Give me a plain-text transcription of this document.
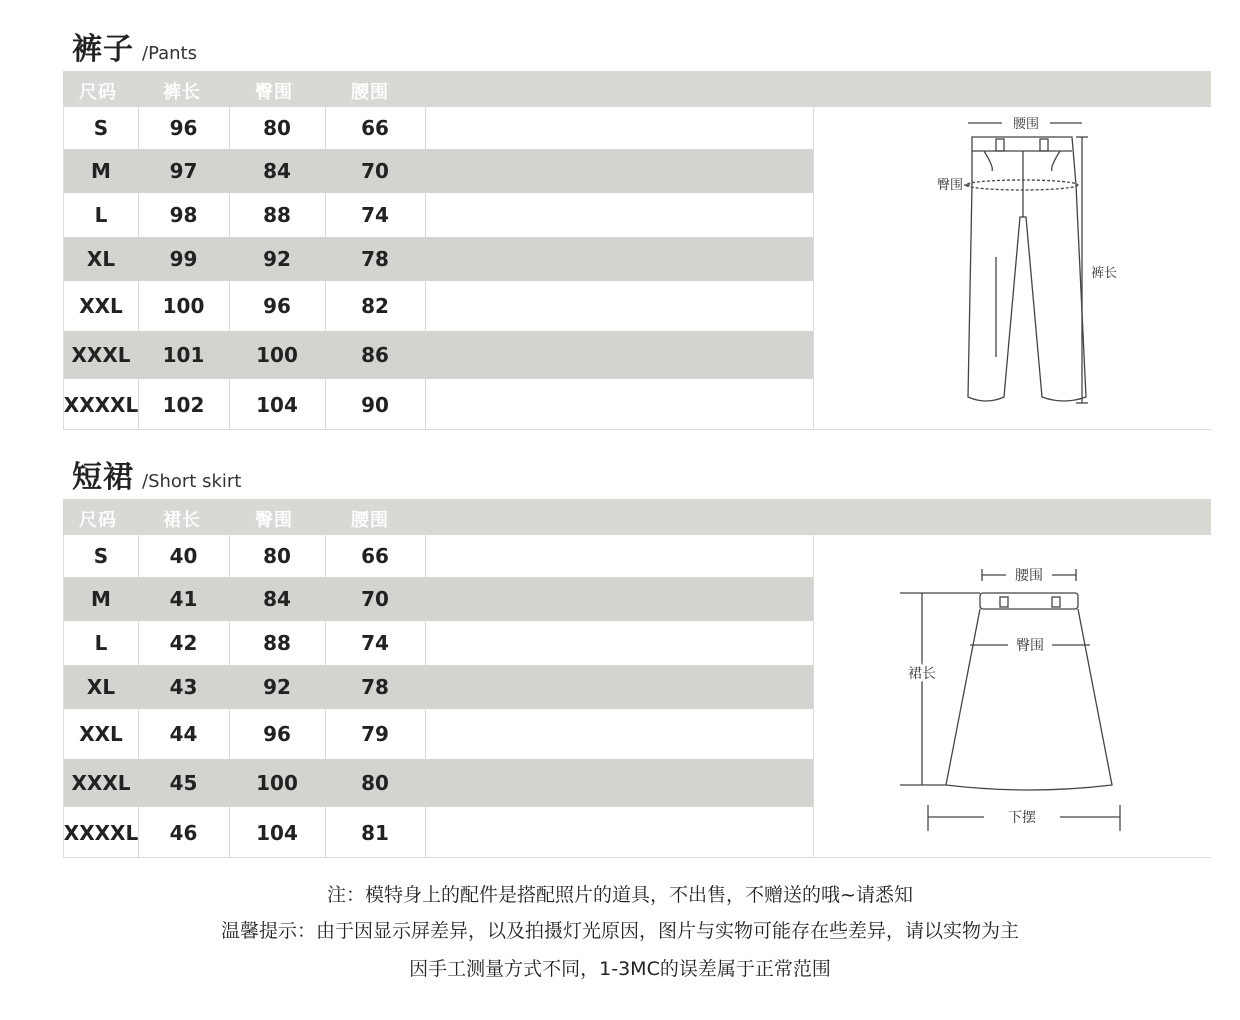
裤子 /Pants
尺码	裤长	臀围	腰围
S	96	80	66
M	97	84	70
L	98	88	74
XL	99	92	78
XXL	100	96	82
XXXL	101	100	86
XXXXL	102	104	90
腰围
臀围
裤长
短裙 /Short skirt
尺码	裙长	臀围	腰围
S	40	80	66
M	41	84	70
L	42	88	74
XL	43	92	78
XXL	44	96	79
XXXL	45	100	80
XXXXL	46	104	81
腰围
臀围
裙长
下摆
注：模特身上的配件是搭配照片的道具，不出售，不赠送的哦~请悉知
温馨提示：由于因显示屏差异，以及拍摄灯光原因，图片与实物可能存在些差异，请以实物为主
因手工测量方式不同，1-3MC的误差属于正常范围
